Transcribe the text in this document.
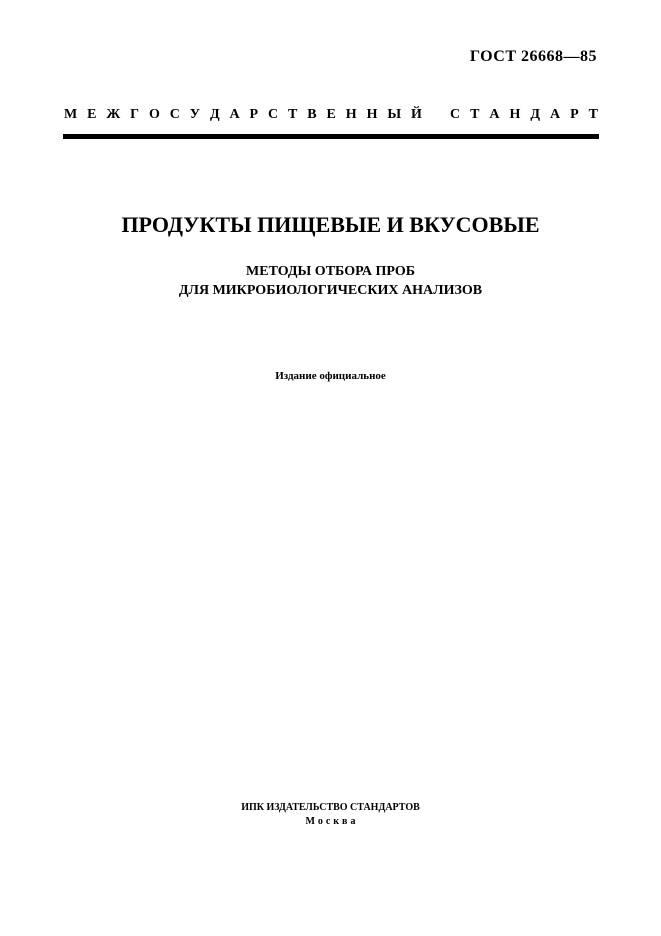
ГОСТ 26668—85
М Е Ж Г О С У Д А Р С Т В Е Н Н Ы Й С Т А Н Д А Р Т
ПРОДУКТЫ ПИЩЕВЫЕ И ВКУСОВЫЕ
МЕТОДЫ ОТБОРА ПРОБ
ДЛЯ МИКРОБИОЛОГИЧЕСКИХ АНАЛИЗОВ
Издание официальное
ИПК ИЗДАТЕЛЬСТВО СТАНДАРТОВ
Москва
